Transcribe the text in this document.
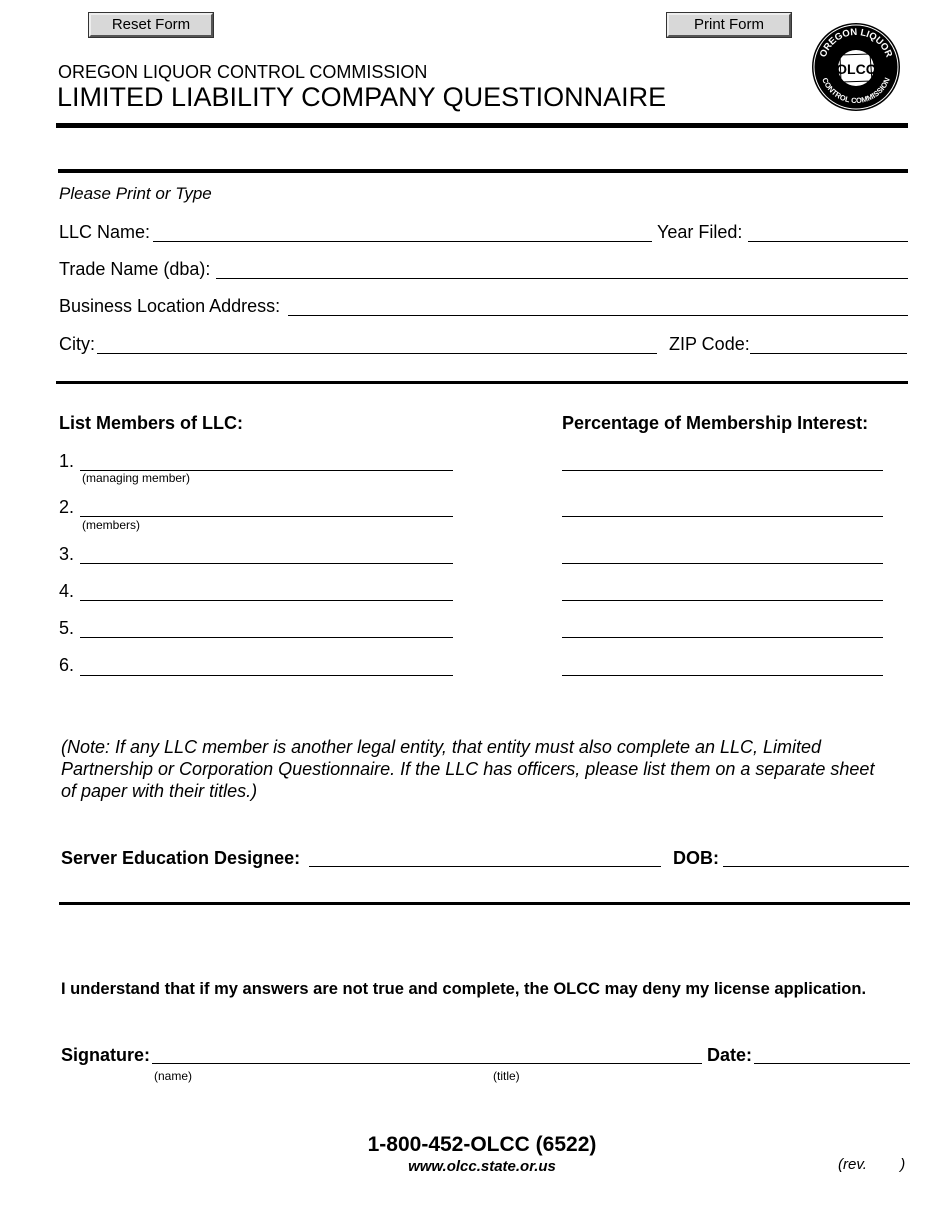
Reset Form	Print Form
OREGON LIQUOR
CONTROL COMMISSION
OLCC
OREGON LIQUOR CONTROL COMMISSION
LIMITED LIABILITY COMPANY QUESTIONNAIRE
Please Print or Type
LLC Name:	Year Filed:
Trade Name (dba):
Business Location Address:
City:	ZIP Code:
List Members of LLC:	Percentage of Membership Interest:
1.
(managing member)
2.
(members)
3.
4.
5.
6.
(Note: If any LLC member is another legal entity, that entity must also complete an LLC, Limited Partnership or Corporation Questionnaire. If the LLC has officers, please list them on a separate sheet of paper with their titles.)
Server Education Designee:	DOB:
I understand that if my answers are not true and complete, the OLCC may deny my license application.
Signature:	Date:
(name)	(title)
1-800-452-OLCC (6522)
www.olcc.state.or.us	(rev.        )
